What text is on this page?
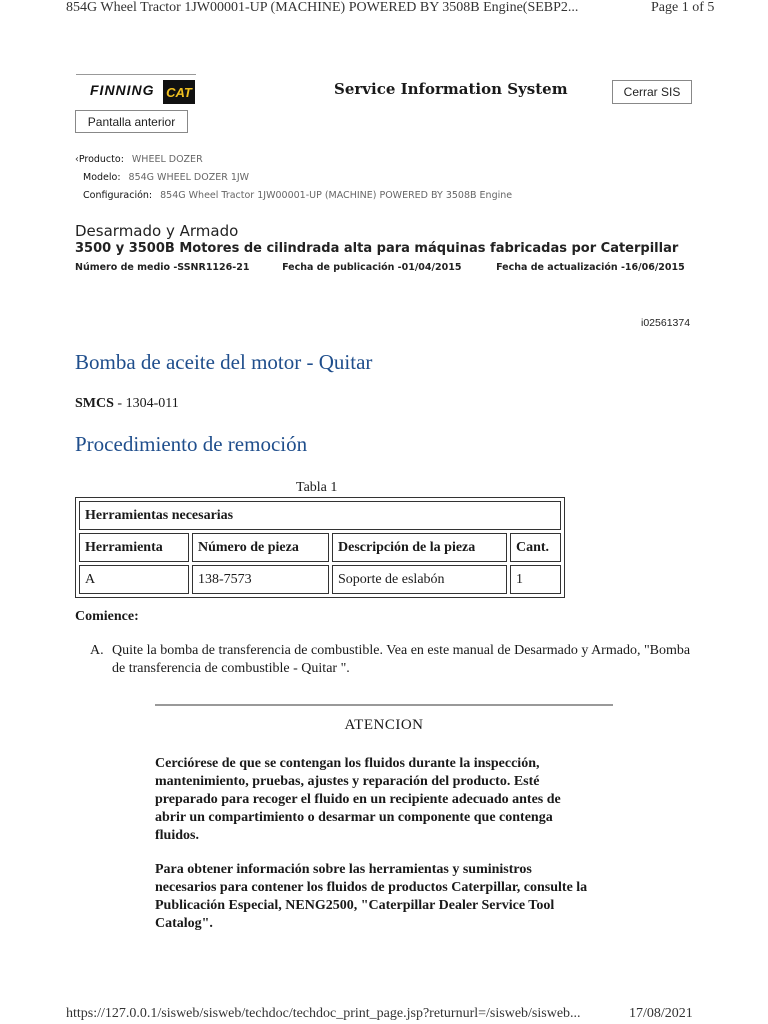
854G Wheel Tractor 1JW00001-UP (MACHINE) POWERED BY 3508B Engine(SEBP2...	Page 1 of 5
FINNING CAT	Service Information System	Cerrar SIS
Pantalla anterior
‹Producto: WHEEL DOZER
Modelo: 854G WHEEL DOZER 1JW
Configuración: 854G Wheel Tractor 1JW00001-UP (MACHINE) POWERED BY 3508B Engine
Desarmado y Armado
3500 y 3500B Motores de cilindrada alta para máquinas fabricadas por Caterpillar
Número de medio -SSNR1126-21	Fecha de publicación -01/04/2015	Fecha de actualización -16/06/2015
i02561374
Bomba de aceite del motor - Quitar
SMCS - 1304-011
Procedimiento de remoción
Tabla 1
Herramientas necesarias			
Herramienta	Número de pieza	Descripción de la pieza	Cant.
A	138-7573	Soporte de eslabón	1
Comience:
A. Quite la bomba de transferencia de combustible. Vea en este manual de Desarmado y Armado, "Bomba de transferencia de combustible - Quitar ".
ATENCION
Cerciórese de que se contengan los fluidos durante la inspección, mantenimiento, pruebas, ajustes y reparación del producto. Esté preparado para recoger el fluido en un recipiente adecuado antes de abrir un compartimiento o desarmar un componente que contenga fluidos.
Para obtener información sobre las herramientas y suministros necesarios para contener los fluidos de productos Caterpillar, consulte la Publicación Especial, NENG2500, "Caterpillar Dealer Service Tool Catalog".
https://127.0.0.1/sisweb/sisweb/techdoc/techdoc_print_page.jsp?returnurl=/sisweb/sisweb...	17/08/2021
